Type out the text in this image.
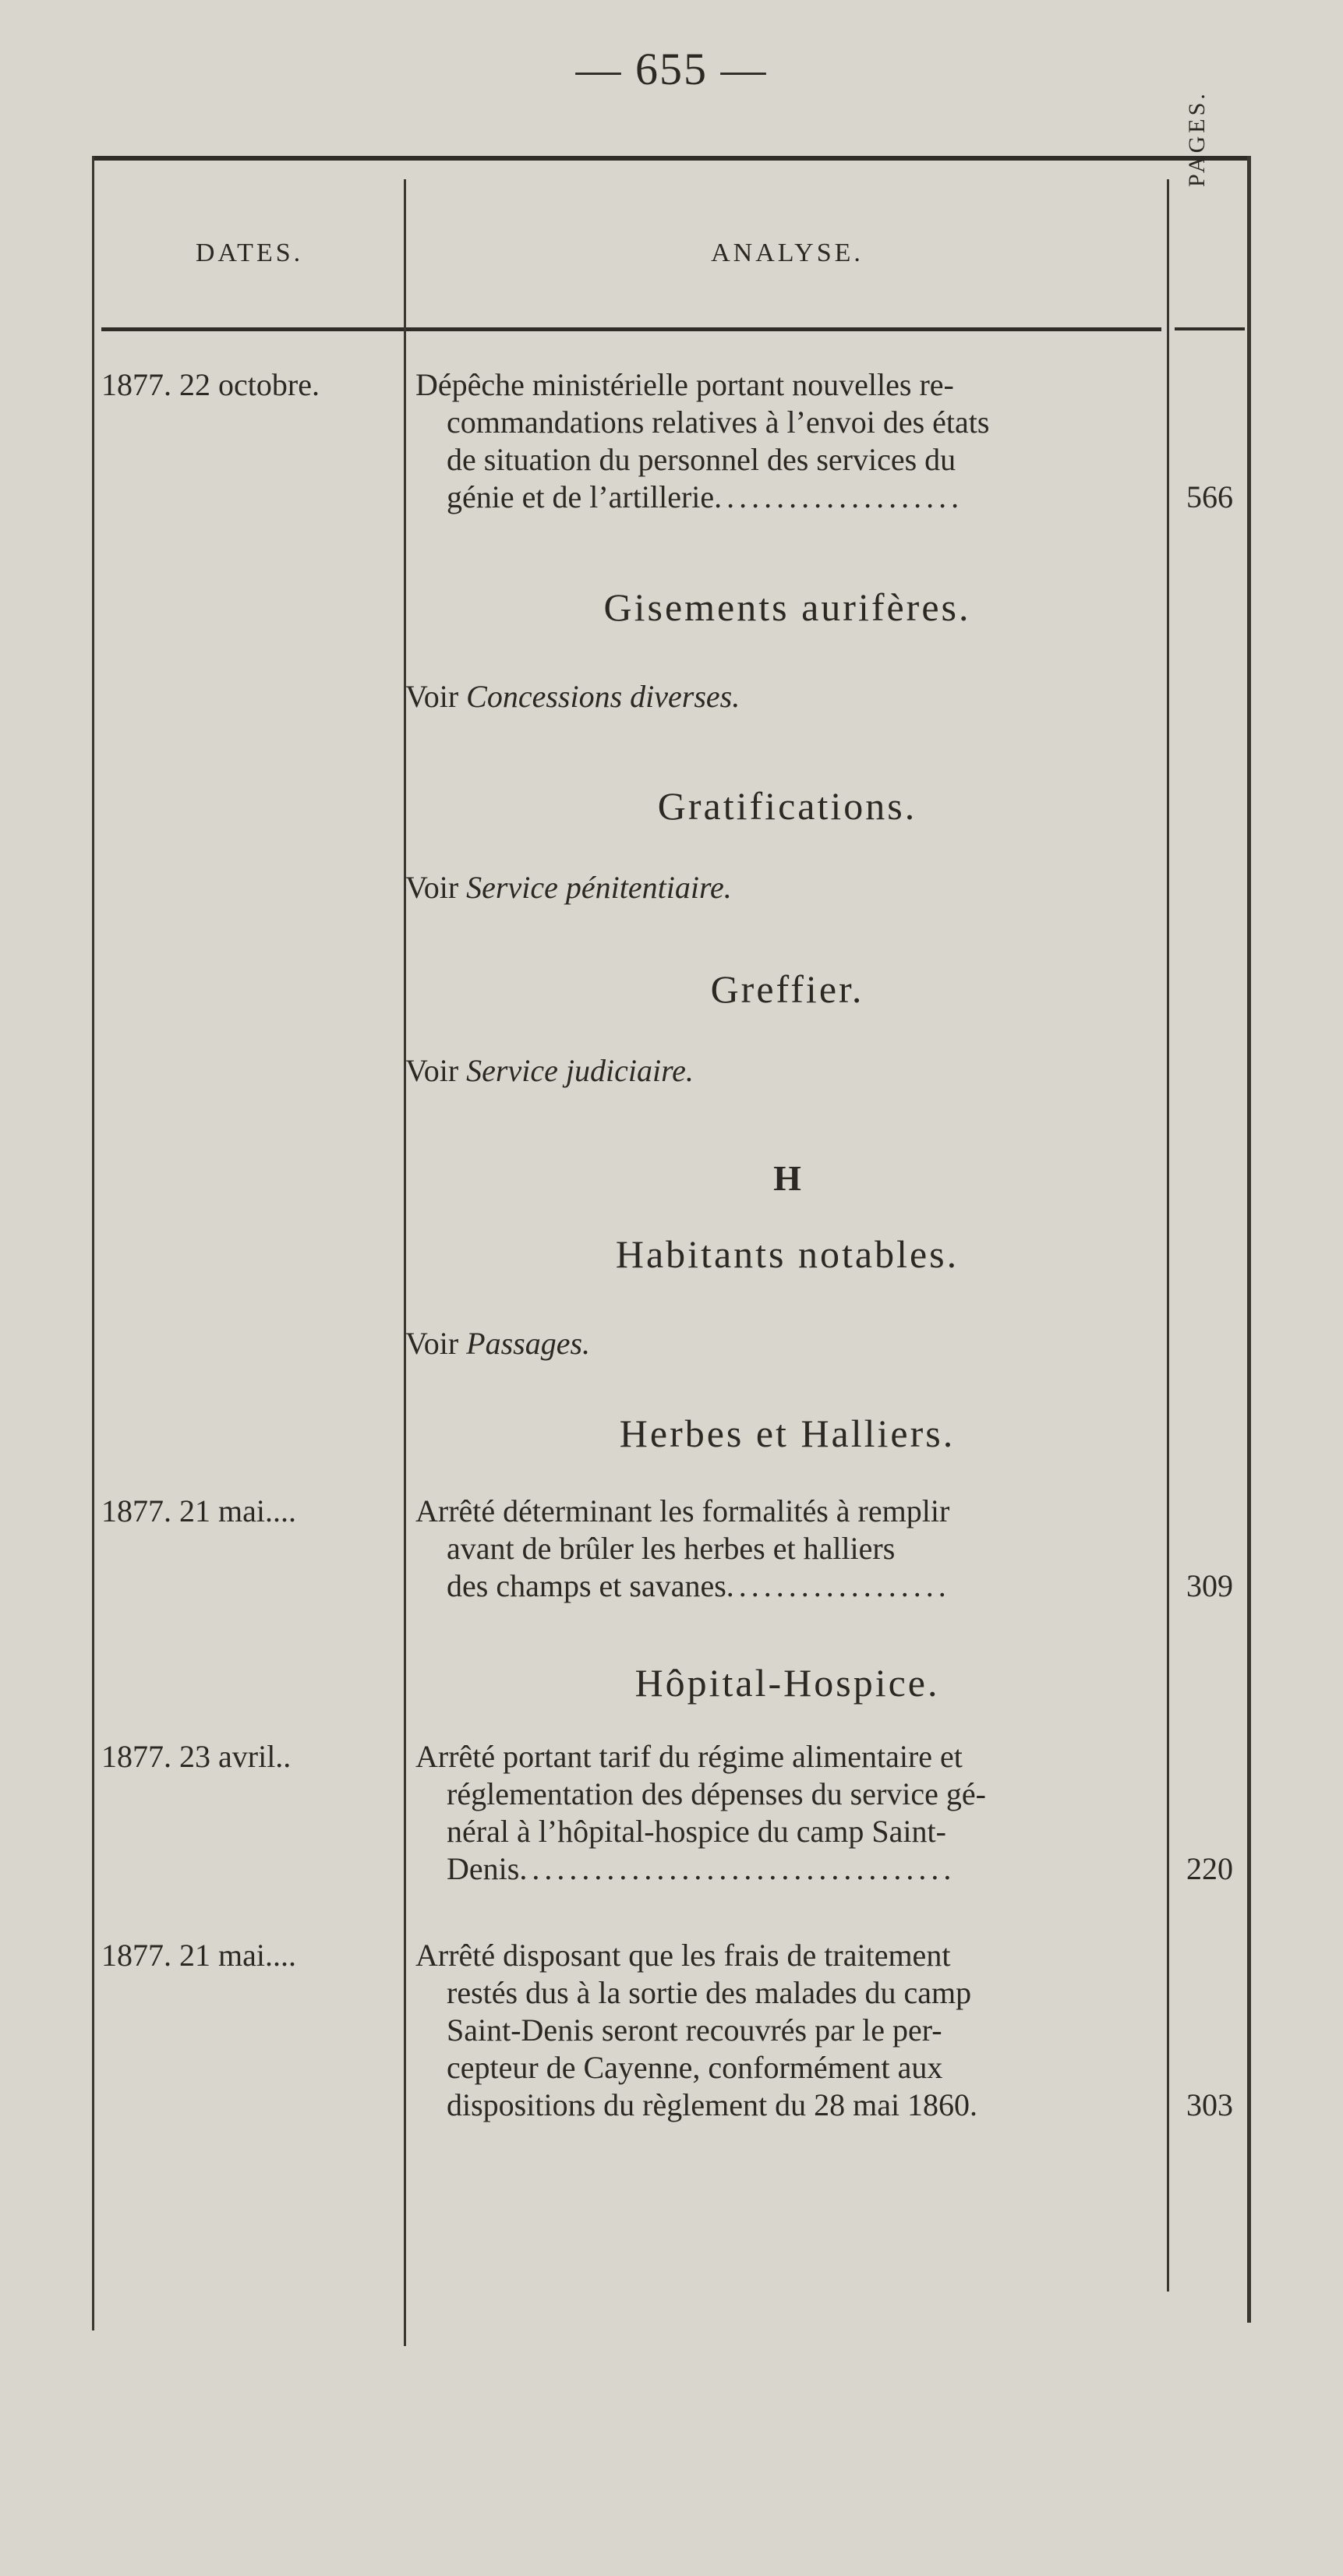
— 655 —
DATES.	ANALYSE.
PAGES.
1877. 22 octobre.	Dépêche ministérielle portant nouvelles re-
commandations relatives à l’envoi des états
de situation du personnel des services du
génie et de l’artillerie....................	566
Gisements aurifères.
Voir Concessions diverses.
Gratifications.
Voir Service pénitentiaire.
Greffier.
Voir Service judiciaire.
H
Habitants notables.
Voir Passages.
Herbes et Halliers.
1877. 21 mai....	Arrêté déterminant les formalités à remplir
avant de brûler les herbes et halliers
des champs et savanes..................	309
Hôpital-Hospice.
1877. 23 avril..	Arrêté portant tarif du régime alimentaire et
réglementation des dépenses du service gé-
néral à l’hôpital-hospice du camp Saint-
Denis...................................	220
1877. 21 mai....	Arrêté disposant que les frais de traitement
restés dus à la sortie des malades du camp
Saint-Denis seront recouvrés par le per-
cepteur de Cayenne, conformément aux
dispositions du règlement du 28 mai 1860.	303
